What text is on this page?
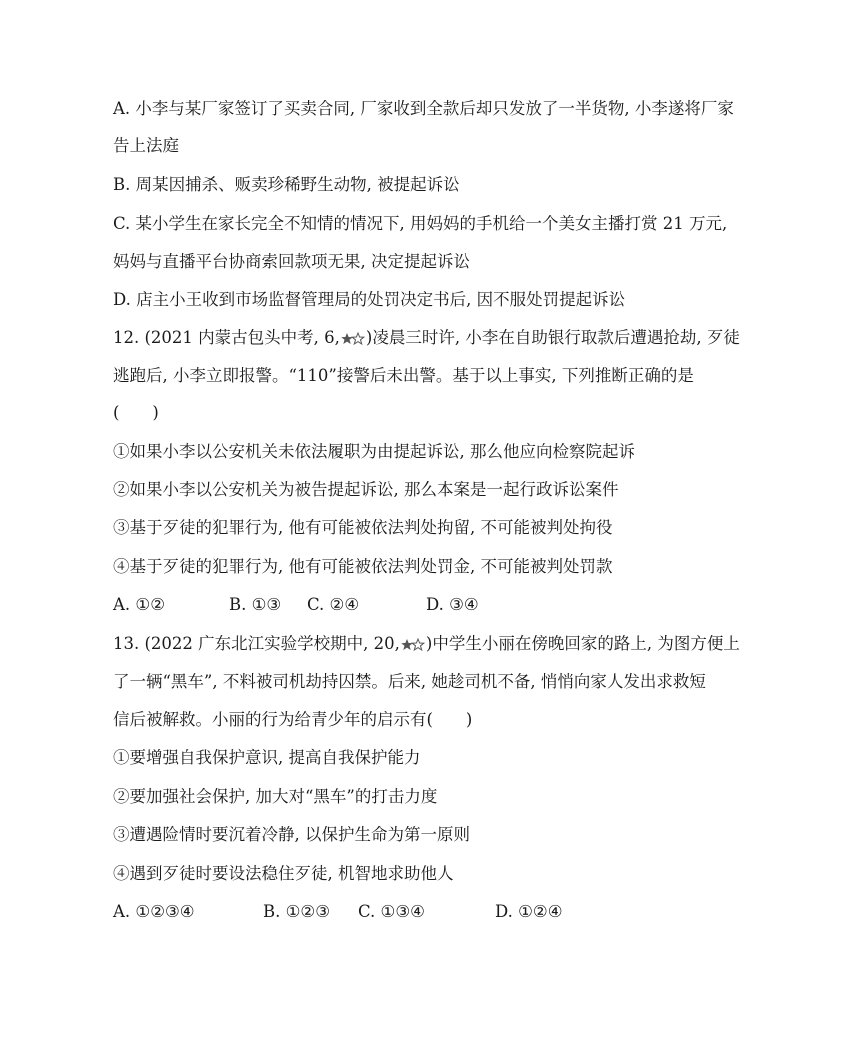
A. 小李与某厂家签订了买卖合同, 厂家收到全款后却只发放了一半货物, 小李遂将厂家
告上法庭
B. 周某因捕杀、贩卖珍稀野生动物, 被提起诉讼
C. 某小学生在家长完全不知情的情况下, 用妈妈的手机给一个美女主播打赏 21 万元,
妈妈与直播平台协商索回款项无果, 决定提起诉讼
D. 店主小王收到市场监督管理局的处罚决定书后, 因不服处罚提起诉讼
12. (2021 内蒙古包头中考, 6, )凌晨三时许, 小李在自助银行取款后遭遇抢劫, 歹徒
逃跑后, 小李立即报警。“110”接警后未出警。基于以上事实, 下列推断正确的是
(　　)
①如果小李以公安机关未依法履职为由提起诉讼, 那么他应向检察院起诉
②如果小李以公安机关为被告提起诉讼, 那么本案是一起行政诉讼案件
③基于歹徒的犯罪行为, 他有可能被依法判处拘留, 不可能被判处拘役
④基于歹徒的犯罪行为, 他有可能被依法判处罚金, 不可能被判处罚款
A. ①②	B. ①③ C. ②④	D. ③④
13. (2022 广东北江实验学校期中, 20, )中学生小丽在傍晚回家的路上, 为图方便上
了一辆“黑车”, 不料被司机劫持囚禁。后来, 她趁司机不备, 悄悄向家人发出求救短
信后被解救。小丽的行为给青少年的启示有(　　)
①要增强自我保护意识, 提高自我保护能力
②要加强社会保护, 加大对“黑车”的打击力度
③遭遇险情时要沉着冷静, 以保护生命为第一原则
④遇到歹徒时要设法稳住歹徒, 机智地求助他人
A. ①②③④	B. ①②③ C. ①③④	D. ①②④
